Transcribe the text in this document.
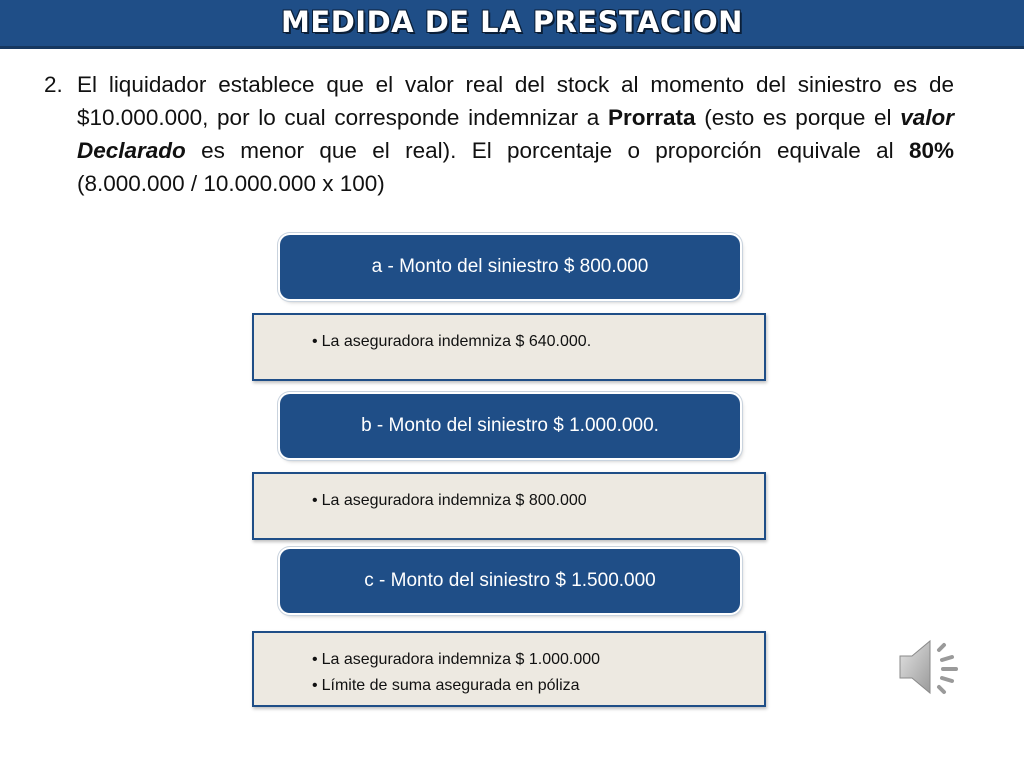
MEDIDA DE LA PRESTACION
2. El liquidador establece que el valor real del stock al momento del siniestro es de $10.000.000, por lo cual corresponde indemnizar a Prorrata (esto es porque el valor Declarado es menor que el real). El porcentaje o proporción equivale al 80% (8.000.000 / 10.000.000 x 100)
a - Monto del siniestro $ 800.000
• La aseguradora indemniza $ 640.000.
b - Monto del siniestro $ 1.000.000.
• La aseguradora indemniza $ 800.000
c - Monto del siniestro $ 1.500.000
• La aseguradora indemniza $ 1.000.000
• Límite de suma asegurada en póliza
